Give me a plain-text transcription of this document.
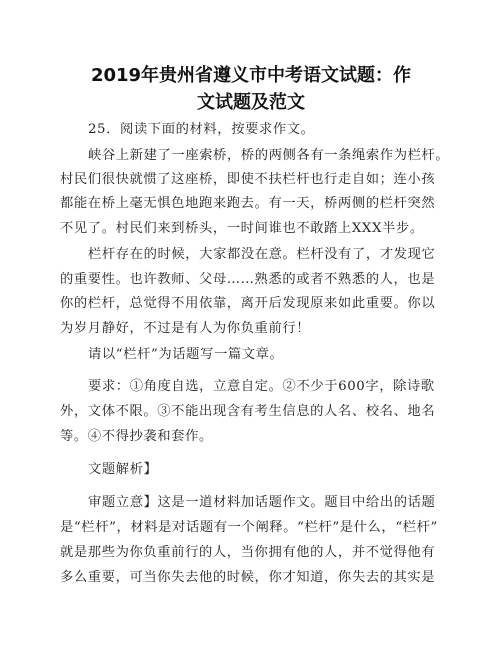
2019年贵州省遵义市中考语文试题：作
文试题及范文
25．阅读下面的材料，按要求作文。
峡谷上新建了一座索桥，桥的两侧各有一条绳索作为栏杆。
村民们很快就惯了这座桥，即使不扶栏杆也行走自如；连小孩
都能在桥上毫无惧色地跑来跑去。有一天，桥两侧的栏杆突然
不见了。村民们来到桥头，一时间谁也不敢踏上XXX半步。
栏杆存在的时候，大家都没在意。栏杆没有了，才发现它
的重要性。也许教师、父母……熟悉的或者不熟悉的人，也是
你的栏杆，总觉得不用依靠，离开后发现原来如此重要。你以
为岁月静好，不过是有人为你负重前行！
请以“栏杆”为话题写一篇文章。
要求：①角度自选，立意自定。②不少于600字，除诗歌
外，文体不限。③不能出现含有考生信息的人名、校名、地名
等。④不得抄袭和套作。
文题解析】
审题立意】这是一道材料加话题作文。题目中给出的话题
是“栏杆”，材料是对话题有一个阐释。“栏杆”是什么，“栏杆”
就是那些为你负重前行的人，当你拥有他的人，并不觉得他有
多么重要，可当你失去他的时候，你才知道，你失去的其实是
